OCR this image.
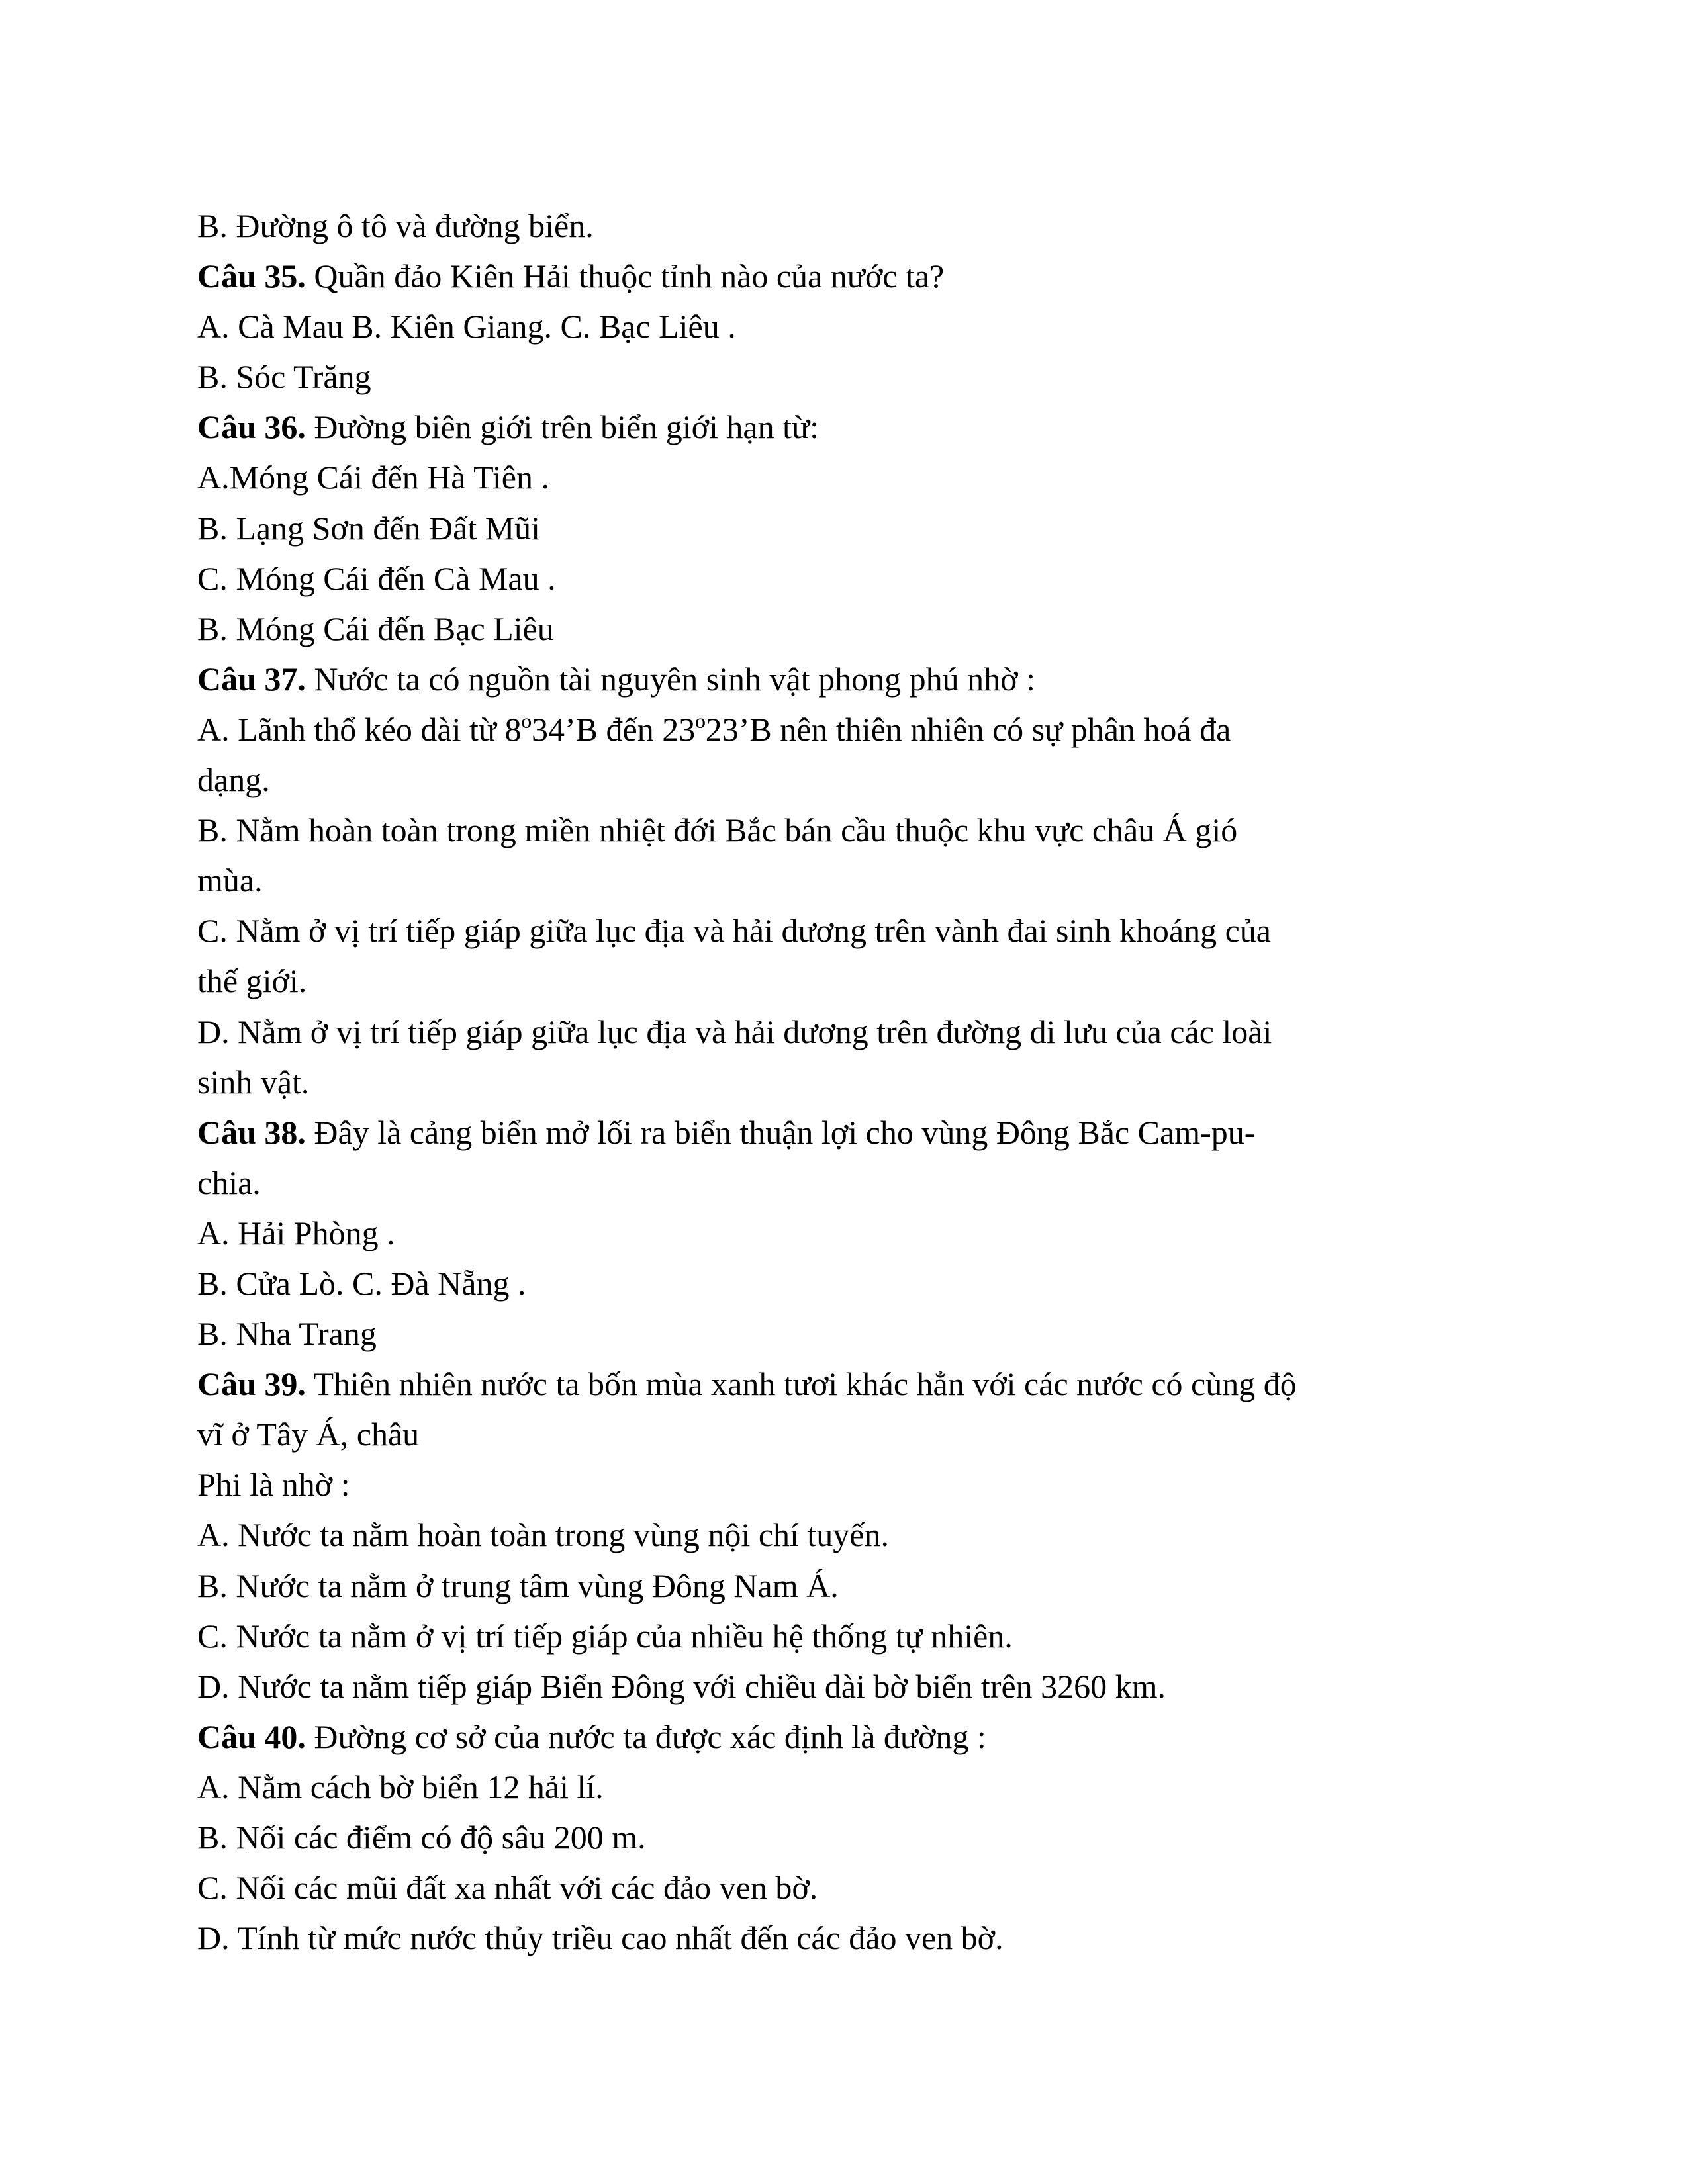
B. Đường ô tô và đường biển.
Câu 35. Quần đảo Kiên Hải thuộc tỉnh nào của nước ta?
A. Cà Mau B. Kiên Giang. C. Bạc Liêu .
B. Sóc Trăng
Câu 36. Đường biên giới trên biển giới hạn từ:
A.Móng Cái đến Hà Tiên .
B. Lạng Sơn đến Đất Mũi
C. Móng Cái đến Cà Mau .
B. Móng Cái đến Bạc Liêu
Câu 37. Nước ta có nguồn tài nguyên sinh vật phong phú nhờ :
A. Lãnh thổ kéo dài từ 8º34’B đến 23º23’B nên thiên nhiên có sự phân hoá đa
dạng.
B. Nằm hoàn toàn trong miền nhiệt đới Bắc bán cầu thuộc khu vực châu Á gió
mùa.
C. Nằm ở vị trí tiếp giáp giữa lục địa và hải dương trên vành đai sinh khoáng của
thế giới.
D. Nằm ở vị trí tiếp giáp giữa lục địa và hải dương trên đường di lưu của các loài
sinh vật.
Câu 38. Đây là cảng biển mở lối ra biển thuận lợi cho vùng Đông Bắc Cam-pu-
chia.
A. Hải Phòng .
B. Cửa Lò. C. Đà Nẵng .
B. Nha Trang
Câu 39. Thiên nhiên nước ta bốn mùa xanh tươi khác hẳn với các nước có cùng độ
vĩ ở Tây Á, châu
Phi là nhờ :
A. Nước ta nằm hoàn toàn trong vùng nội chí tuyến.
B. Nước ta nằm ở trung tâm vùng Đông Nam Á.
C. Nước ta nằm ở vị trí tiếp giáp của nhiều hệ thống tự nhiên.
D. Nước ta nằm tiếp giáp Biển Đông với chiều dài bờ biển trên 3260 km.
Câu 40. Đường cơ sở của nước ta được xác định là đường :
A. Nằm cách bờ biển 12 hải lí.
B. Nối các điểm có độ sâu 200 m.
C. Nối các mũi đất xa nhất với các đảo ven bờ.
D. Tính từ mức nước thủy triều cao nhất đến các đảo ven bờ.
